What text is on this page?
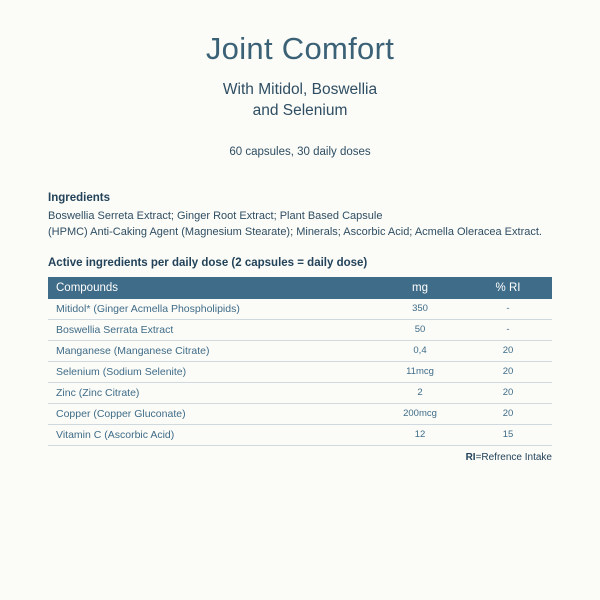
Joint Comfort
With Mitidol, Boswellia
and Selenium
60 capsules, 30 daily doses
Ingredients

Boswellia Serreta Extract; Ginger Root Extract; Plant Based Capsule
(HPMC) Anti-Caking Agent (Magnesium Stearate); Minerals; Ascorbic Acid; Acmella Oleracea Extract.

Active ingredients per daily dose (2 capsules = daily dose)
Compounds	mg	% RI
Mitidol* (Ginger Acmella Phospholipids)	350	-
Boswellia Serrata Extract	50	-
Manganese (Manganese Citrate)	0,4	20
Selenium (Sodium Selenite)	11mcg	20
Zinc (Zinc Citrate)	2	20
Copper (Copper Gluconate)	200mcg	20
Vitamin C (Ascorbic Acid)	12	15
RI=Refrence Intake
